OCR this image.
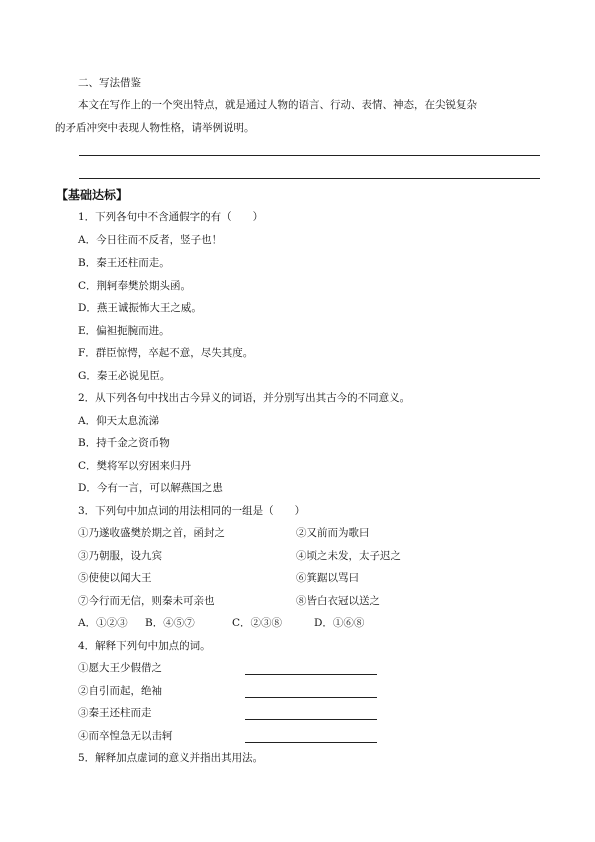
二、写法借鉴
本文在写作上的一个突出特点，就是通过人物的语言、行动、表情、神态，在尖锐复杂
的矛盾冲突中表现人物性格，请举例说明。
【基础达标】
1．下列各句中不含通假字的有（　　）
A．今日往而不反者，竖子也！
B．秦王还柱而走。
C．荆轲奉樊於期头函。
D．燕王诚振怖大王之威。
E．偏袒扼腕而进。
F．群臣惊愕，卒起不意，尽失其度。
G．秦王必说见臣。
2．从下列各句中找出古今异义的词语，并分别写出其古今的不同意义。
A．仰天太息流涕
B．持千金之资币物
C．樊将军以穷困来归丹
D．今有一言，可以解燕国之患
3．下列句中加点词的用法相同的一组是（　　）
①乃遂收盛樊於期之首，函封之	②又前而为歌曰
③乃朝服，设九宾	④顷之未发，太子迟之
⑤使使以闻大王	⑥箕踞以骂曰
⑦今行而无信，则秦未可亲也	⑧皆白衣冠以送之
A．①②③ B．④⑤⑦	C．②③⑧	D．①⑥⑧
4．解释下列句中加点的词。
①愿大王少假借之
②自引而起，绝袖
③秦王还柱而走
④而卒惶急无以击轲
5．解释加点虚词的意义并指出其用法。
